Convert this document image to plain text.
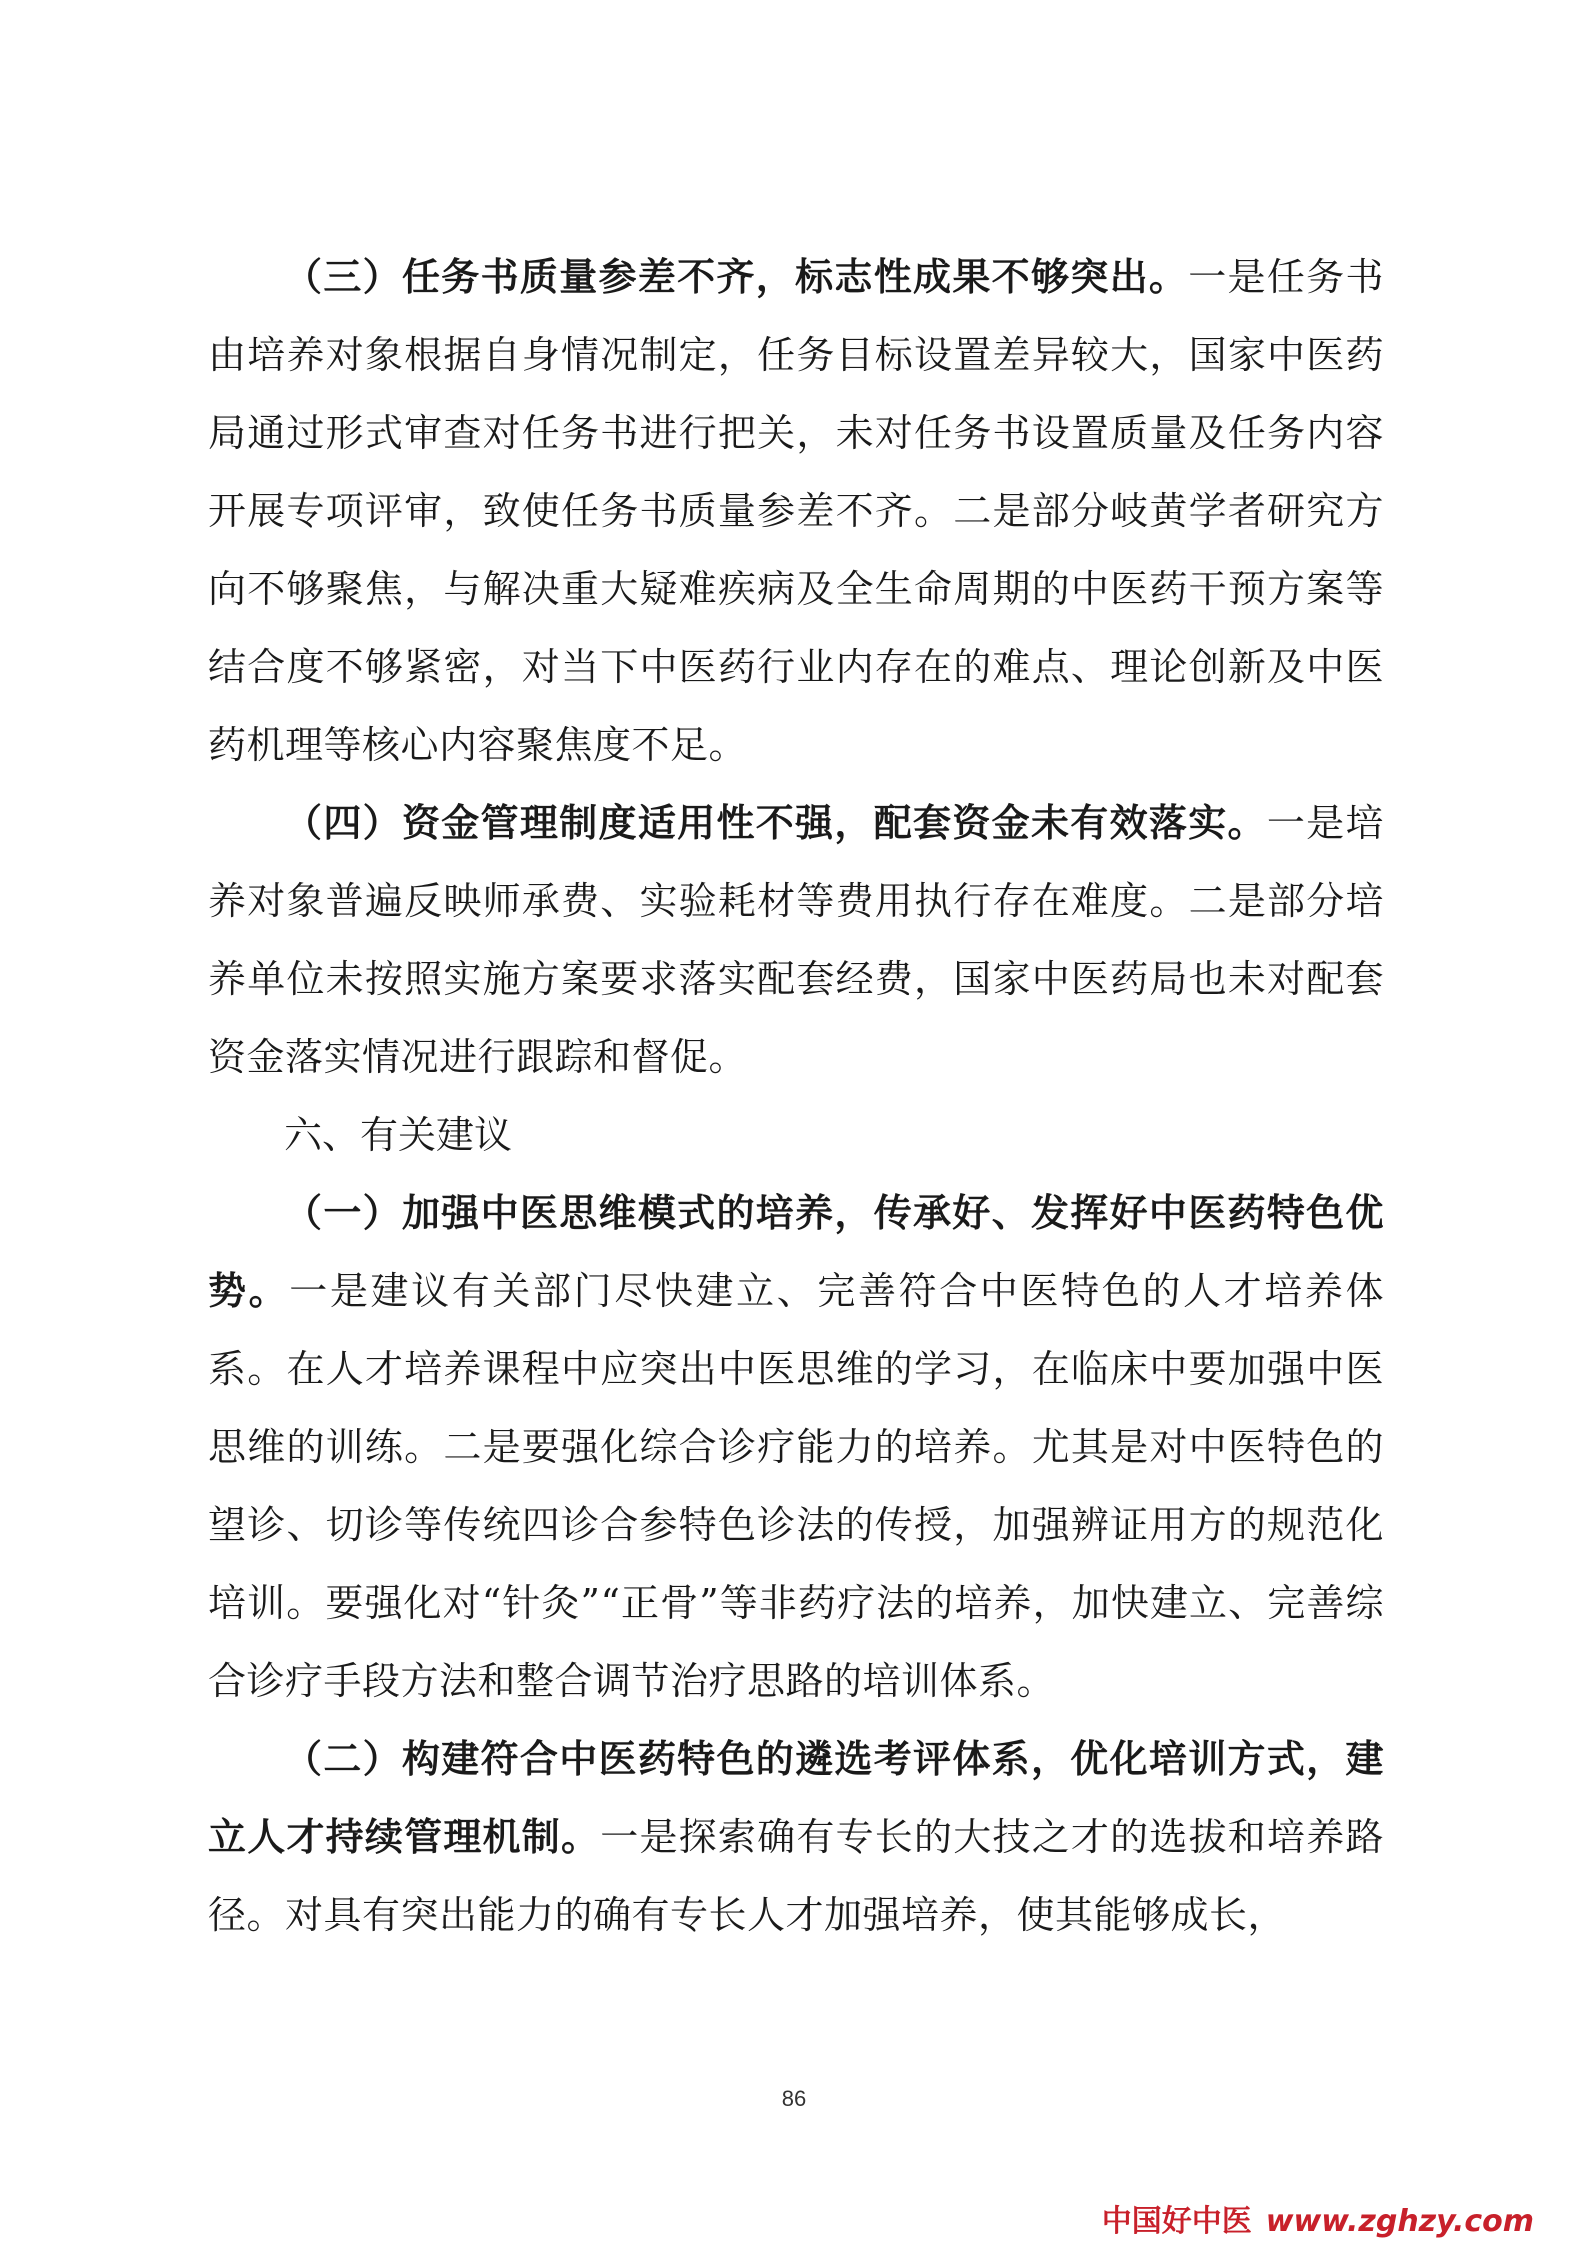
（三）任务书质量参差不齐，标志性成果不够突出。一是任务书由培养对象根据自身情况制定，任务目标设置差异较大，国家中医药局通过形式审查对任务书进行把关，未对任务书设置质量及任务内容开展专项评审，致使任务书质量参差不齐。二是部分岐黄学者研究方向不够聚焦，与解决重大疑难疾病及全生命周期的中医药干预方案等结合度不够紧密，对当下中医药行业内存在的难点、理论创新及中医药机理等核心内容聚焦度不足。

（四）资金管理制度适用性不强，配套资金未有效落实。一是培养对象普遍反映师承费、实验耗材等费用执行存在难度。二是部分培养单位未按照实施方案要求落实配套经费，国家中医药局也未对配套资金落实情况进行跟踪和督促。

六、有关建议

（一）加强中医思维模式的培养，传承好、发挥好中医药特色优势。一是建议有关部门尽快建立、完善符合中医特色的人才培养体系。在人才培养课程中应突出中医思维的学习，在临床中要加强中医思维的训练。二是要强化综合诊疗能力的培养。尤其是对中医特色的望诊、切诊等传统四诊合参特色诊法的传授，加强辨证用方的规范化培训。要强化对“针灸”“正骨”等非药疗法的培养，加快建立、完善综合诊疗手段方法和整合调节治疗思路的培训体系。

（二）构建符合中医药特色的遴选考评体系，优化培训方式，建立人才持续管理机制。一是探索确有专长的大技之才的选拔和培养路径。对具有突出能力的确有专长人才加强培养，使其能够成长，

86
中国好中医 www.zghzy.com
